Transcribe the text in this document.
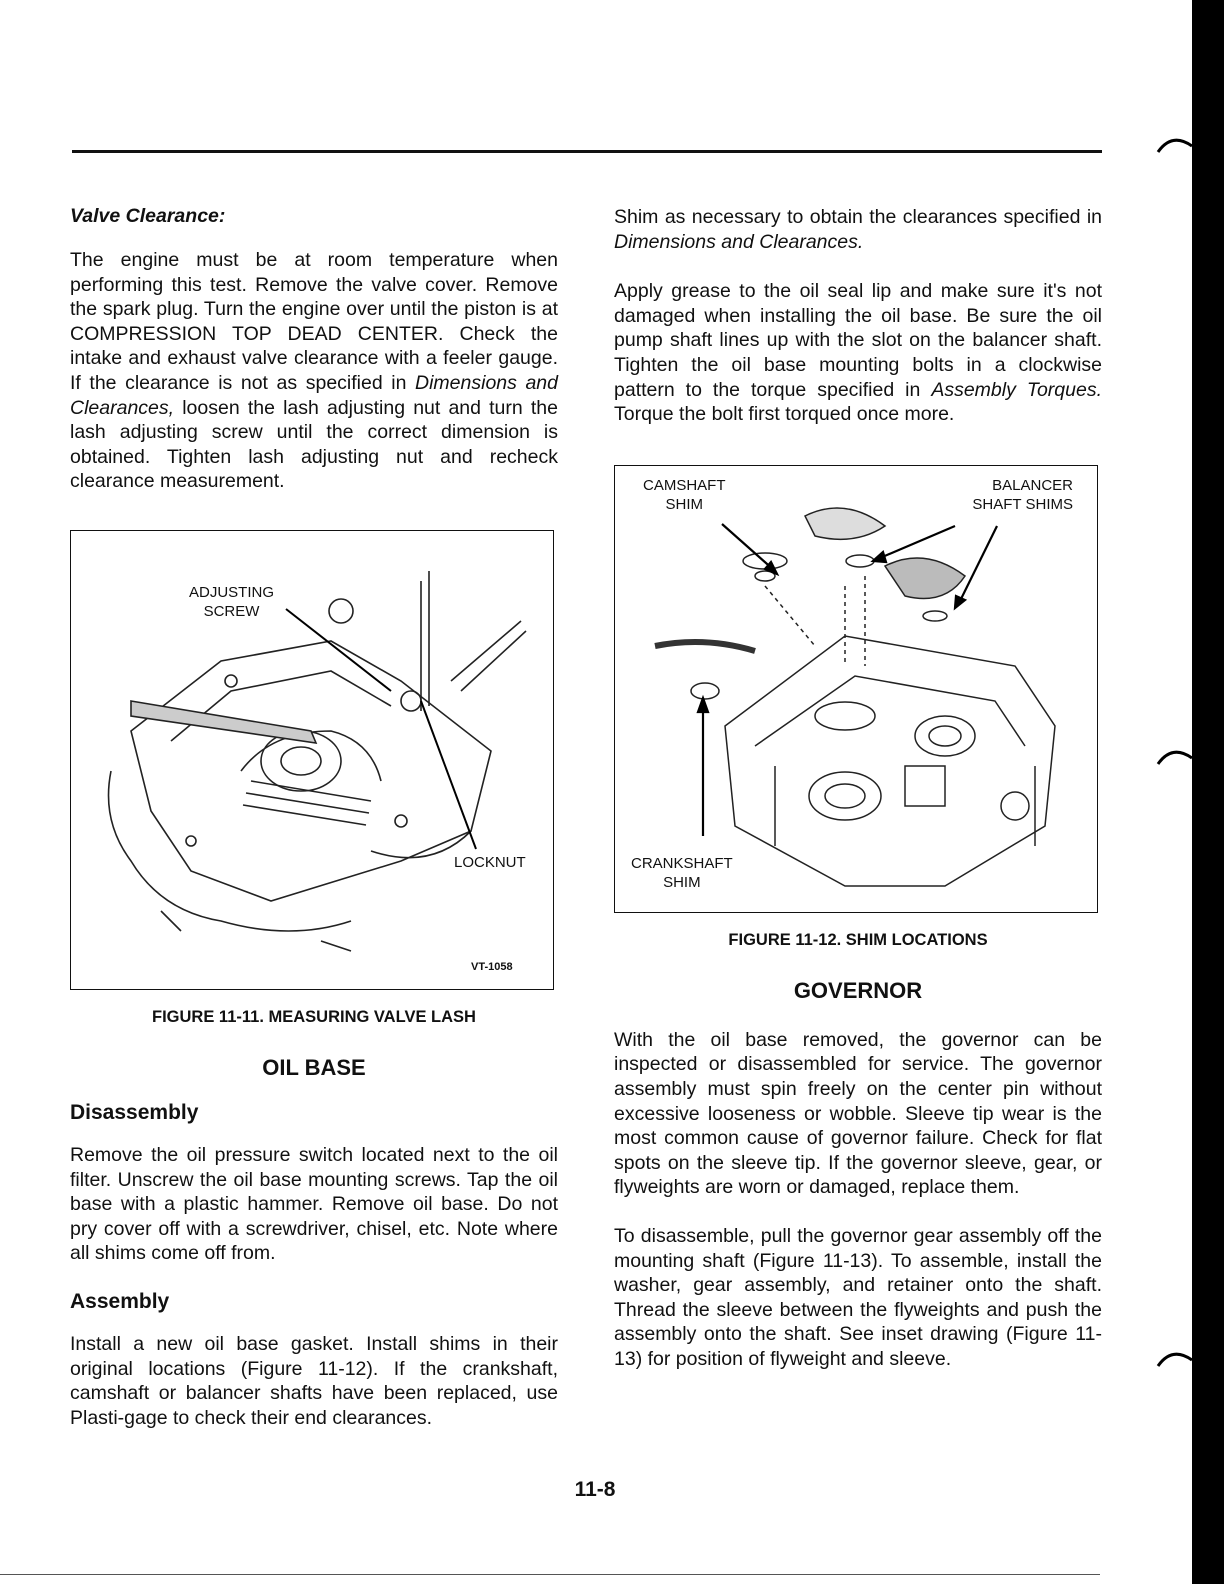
Valve Clearance:

The engine must be at room temperature when performing this test. Remove the valve cover. Remove the spark plug. Turn the engine over until the piston is at COMPRESSION TOP DEAD CENTER. Check the intake and exhaust valve clearance with a feeler gauge. If the clearance is not as specified in Dimensions and Clearances, loosen the lash adjusting nut and turn the lash adjusting screw until the correct dimension is obtained. Tighten lash adjusting nut and recheck clearance measurement.

ADJUSTING
SCREW
LOCKNUT
VT-1058
FIGURE 11-11. MEASURING VALVE LASH
OIL BASE
Disassembly

Remove the oil pressure switch located next to the oil filter. Unscrew the oil base mounting screws. Tap the oil base with a plastic hammer. Remove oil base. Do not pry cover off with a screwdriver, chisel, etc. Note where all shims come off from.

Assembly

Install a new oil base gasket. Install shims in their original locations (Figure 11-12). If the crankshaft, camshaft or balancer shafts have been replaced, use Plasti-gage to check their end clearances.

Shim as necessary to obtain the clearances specified in Dimensions and Clearances.

Apply grease to the oil seal lip and make sure it's not damaged when installing the oil base. Be sure the oil pump shaft lines up with the slot on the balancer shaft. Tighten the oil base mounting bolts in a clockwise pattern to the torque specified in Assembly Torques. Torque the bolt first torqued once more.

CAMSHAFT
SHIM
BALANCER
SHAFT SHIMS
CRANKSHAFT
SHIM
FIGURE 11-12. SHIM LOCATIONS
GOVERNOR

With the oil base removed, the governor can be inspected or disassembled for service. The governor assembly must spin freely on the center pin without excessive looseness or wobble. Sleeve tip wear is the most common cause of governor failure. Check for flat spots on the sleeve tip. If the governor sleeve, gear, or flyweights are worn or damaged, replace them.

To disassemble, pull the governor gear assembly off the mounting shaft (Figure 11-13). To assemble, install the washer, gear assembly, and retainer onto the shaft. Thread the sleeve between the flyweights and push the assembly onto the shaft. See inset drawing (Figure 11-13) for position of flyweight and sleeve.

11-8
